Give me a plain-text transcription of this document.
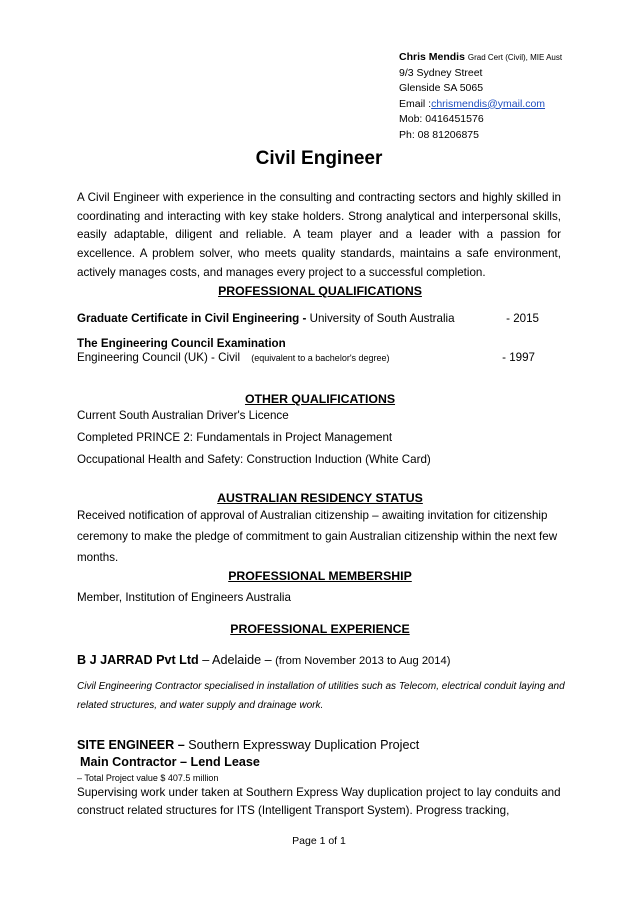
Chris Mendis Grad Cert (Civil), MIE Aust
9/3 Sydney Street
Glenside SA 5065
Email :chrismendis@ymail.com
Mob: 0416451576
Ph: 08 81206875
Civil Engineer
A Civil Engineer with experience in the consulting and contracting sectors and highly skilled in coordinating and interacting with key stake holders. Strong analytical and interpersonal skills, easily adaptable, diligent and reliable. A team player and a leader with a passion for excellence. A problem solver, who meets quality standards, maintains a safe environment, actively manages costs, and manages every project to a successful completion.
PROFESSIONAL QUALIFICATIONS
Graduate Certificate in Civil Engineering - University of South Australia	- 2015
The Engineering Council Examination
Engineering Council (UK) - Civil (equivalent to a bachelor's degree)	- 1997
OTHER QUALIFICATIONS
Current South Australian Driver's Licence
Completed PRINCE 2: Fundamentals in Project Management
Occupational Health and Safety: Construction Induction (White Card)
AUSTRALIAN RESIDENCY STATUS
Received notification of approval of Australian citizenship – awaiting invitation for citizenship ceremony to make the pledge of commitment to gain Australian citizenship within the next few months.
PROFESSIONAL MEMBERSHIP
Member, Institution of Engineers Australia
PROFESSIONAL EXPERIENCE
B J JARRAD Pvt Ltd – Adelaide – (from November 2013 to Aug 2014)
Civil Engineering Contractor specialised in installation of utilities such as Telecom, electrical conduit laying and related structures, and water supply and drainage work.
SITE ENGINEER – Southern Expressway Duplication Project
Main Contractor – Lend Lease
– Total Project value $ 407.5 million
Supervising work under taken at Southern Express Way duplication project to lay conduits and construct related structures for ITS (Intelligent Transport System). Progress tracking,
Page 1 of 1
